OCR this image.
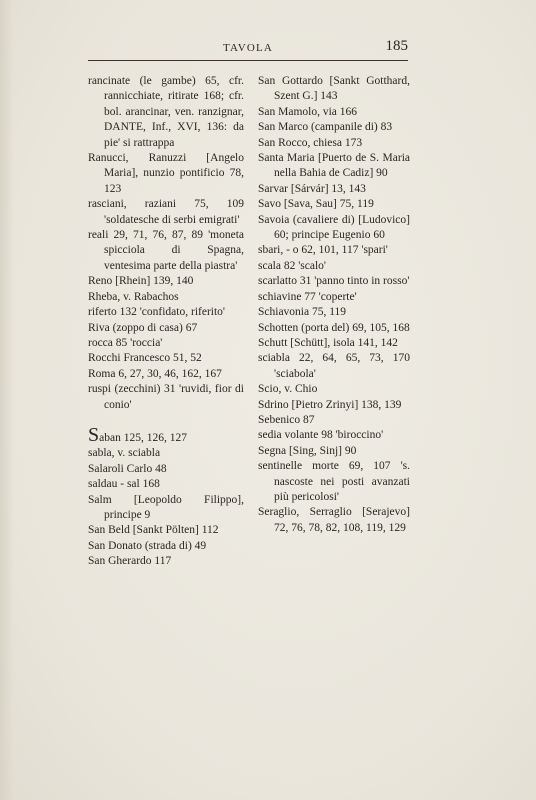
TAVOLA	185

rancinate (le gambe) 65, cfr. rannicchiate, ritirate 168; cfr. bol. arancinar, ven. ranzignar, DANTE, Inf., XVI, 136: da pie' si rattrappa

Ranucci, Ranuzzi [Angelo Maria], nunzio pontificio 78, 123

rasciani, raziani 75, 109 'soldatesche di serbi emigrati'

reali 29, 71, 76, 87, 89 'moneta spicciola di Spagna, ventesima parte della piastra'

Reno [Rhein] 139, 140

Rheba, v. Rabachos

riferto 132 'confidato, riferito'

Riva (zoppo di casa) 67

rocca 85 'roccia'

Rocchi Francesco 51, 52

Roma 6, 27, 30, 46, 162, 167

ruspi (zecchini) 31 'ruvidi, fior di conio'

Saban 125, 126, 127

sabla, v. sciabla

Salaroli Carlo 48

saldau - sal 168

Salm [Leopoldo Filippo], principe 9

San Beld [Sankt Pölten] 112

San Donato (strada di) 49

San Gherardo 117

San Gottardo [Sankt Gotthard, Szent G.] 143

San Mamolo, via 166

San Marco (campanile di) 83

San Rocco, chiesa 173

Santa Maria [Puerto de S. Maria nella Bahia de Cadiz] 90

Sarvar [Sárvár] 13, 143

Savo [Sava, Sau] 75, 119

Savoia (cavaliere di) [Ludovico] 60; principe Eugenio 60

sbari, - o 62, 101, 117 'spari'

scala 82 'scalo'

scarlatto 31 'panno tinto in rosso'

schiavine 77 'coperte'

Schiavonia 75, 119

Schotten (porta del) 69, 105, 168

Schutt [Schütt], isola 141, 142

sciabla 22, 64, 65, 73, 170 'sciabola'

Scio, v. Chio

Sdrino [Pietro Zrinyi] 138, 139

Sebenico 87

sedia volante 98 'biroccino'

Segna [Sing, Sinj] 90

sentinelle morte 69, 107 's. nascoste nei posti avanzati più pericolosi'

Seraglio, Serraglio [Serajevo] 72, 76, 78, 82, 108, 119, 129
